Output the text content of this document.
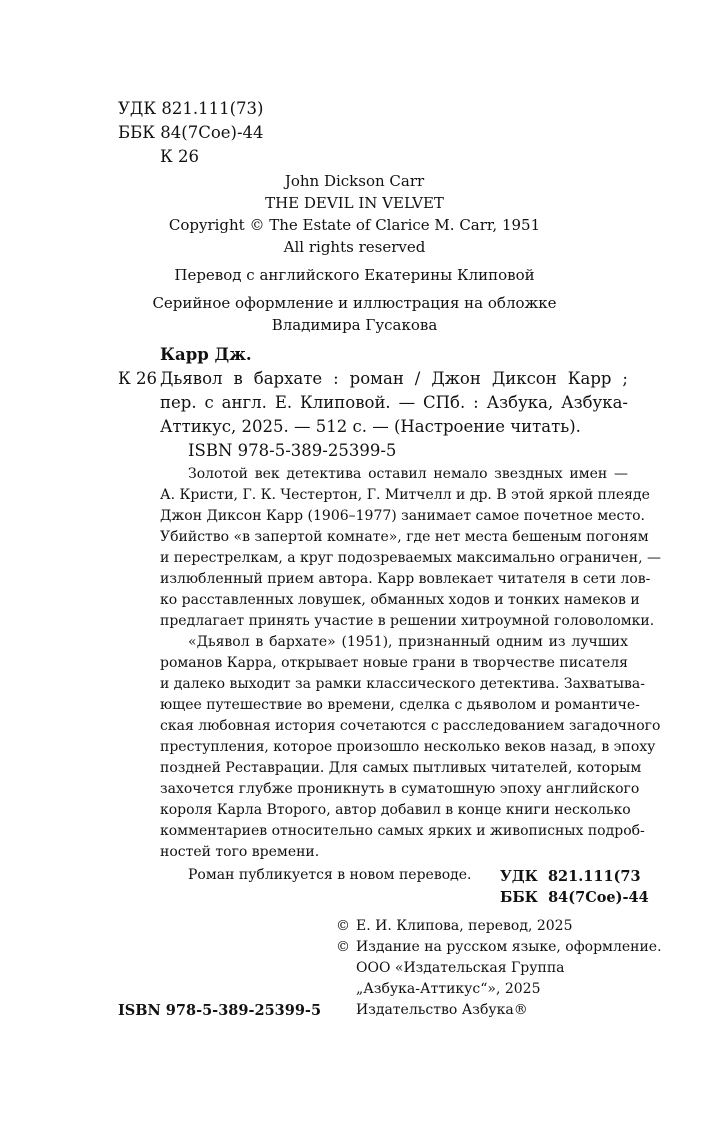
УДК 821.111(73)
ББК 84(7Сое)-44
К 26
John Dickson Carr
THE DEVIL IN VELVET
Copyright © The Estate of Clarice M. Carr, 1951
All rights reserved
Перевод с английского Екатерины Клиповой
Серийное оформление и иллюстрация на обложке
Владимира Гусакова
Карр Дж.
К 26 Дьявол в бархате : роман / Джон Диксон Карр ;
пер. с англ. Е. Клиповой. — СПб. : Азбука, Азбука-
Аттикус, 2025. — 512 с. — (Настроение читать).
ISBN 978-5-389-25399-5
Золотой век детектива оставил немало звездных имен —
А. Кристи, Г. К. Честертон, Г. Митчелл и др. В этой яркой плеяде
Джон Диксон Карр (1906–1977) занимает самое почетное место.
Убийство «в запертой комнате», где нет места бешеным погоням
и перестрелкам, а круг подозреваемых максимально ограничен, —
излюбленный прием автора. Карр вовлекает читателя в сети лов-
ко расставленных ловушек, обманных ходов и тонких намеков и
предлагает принять участие в решении хитроумной головоломки.
«Дьявол в бархате» (1951), признанный одним из лучших
романов Карра, открывает новые грани в творчестве писателя
и далеко выходит за рамки классического детектива. Захватыва-
ющее путешествие во времени, сделка с дьяволом и романтиче-
ская любовная история сочетаются с расследованием загадочного
преступления, которое произошло несколько веков назад, в эпоху
поздней Реставрации. Для самых пытливых читателей, которым
захочется глубже проникнуть в суматошную эпоху английского
короля Карла Второго, автор добавил в конце книги несколько
комментариев относительно самых ярких и живописных подроб-
ностей того времени.
Роман публикуется в новом переводе. УДК  821.111(73
ББК  84(7Сое)-44
© Е. И. Клипова, перевод, 2025
© Издание на русском языке, оформление.
ООО «Издательская Группа
„Азбука-Аттикус“», 2025
Издательство Азбука®
ISBN 978-5-389-25399-5
